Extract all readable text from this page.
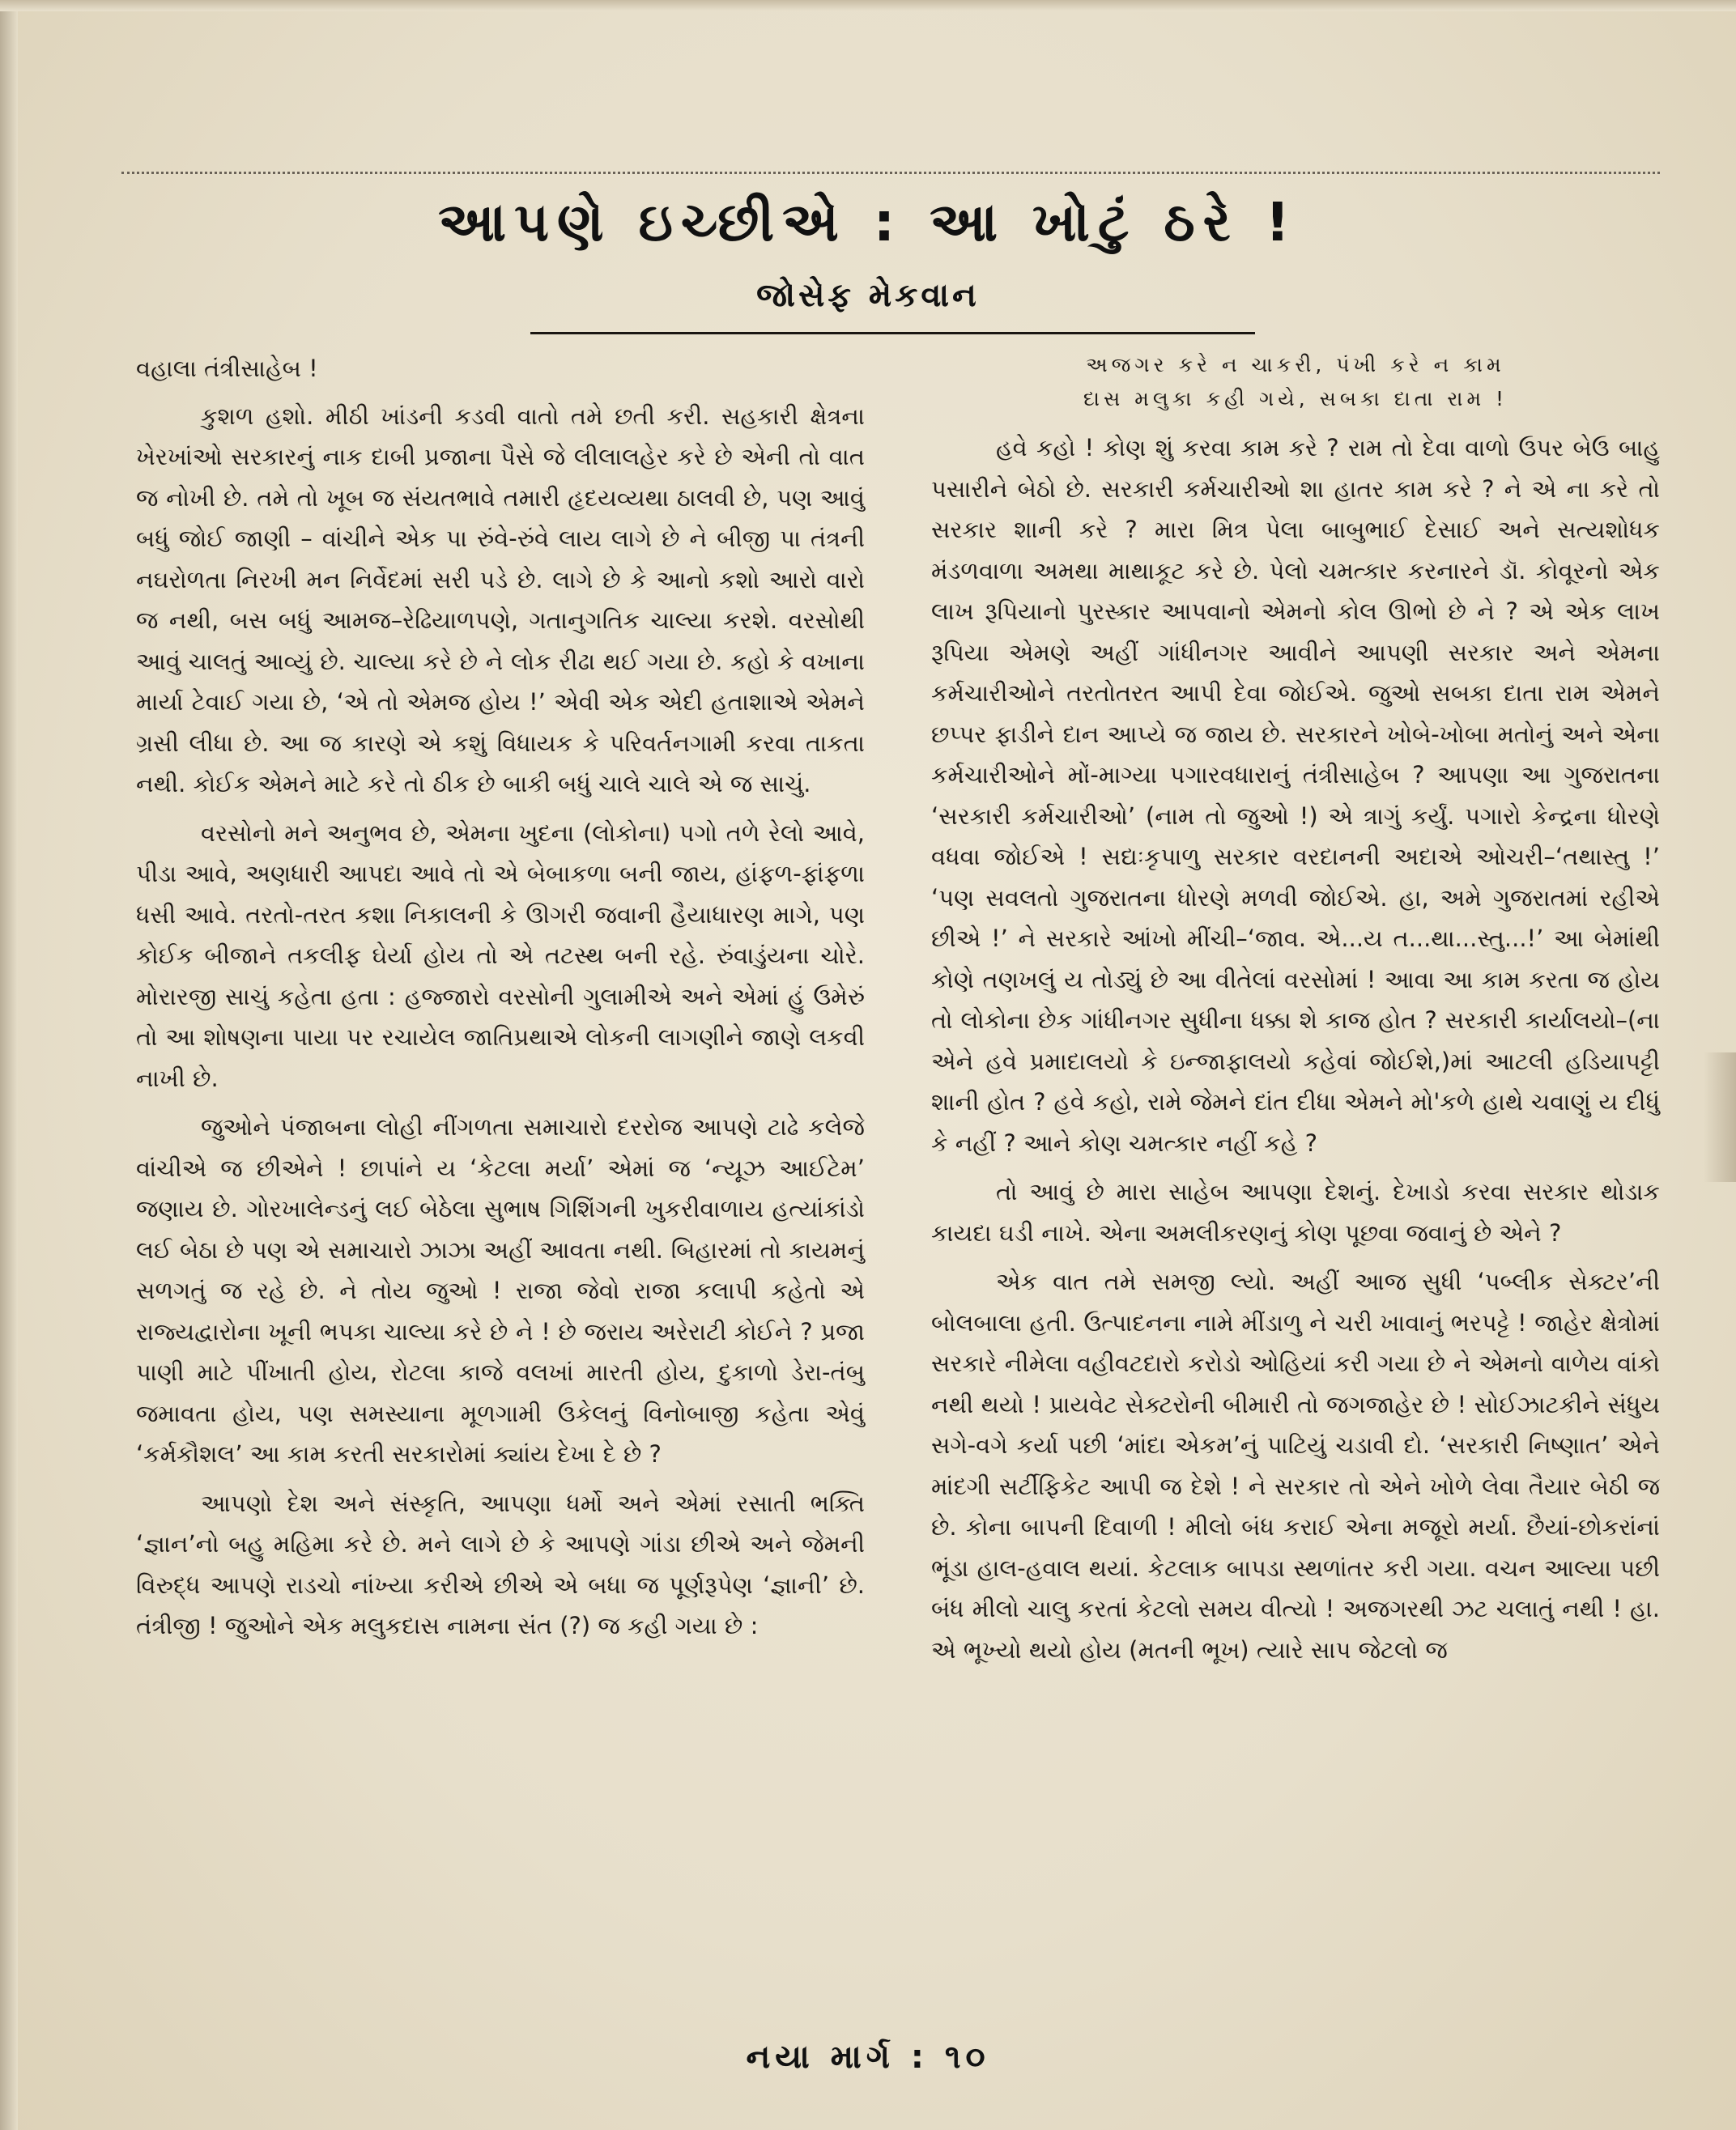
આપણે ઇચ્છીએ : આ ખોટું ઠરે !
જોસેફ મેકવાન

વહાલા તંત્રીસાહેબ !

કુશળ હશો. મીઠી ખાંડની કડવી વાતો તમે છતી કરી. સહકારી ક્ષેત્રના ખેરખાંઓ સરકારનું નાક દાબી પ્રજાના પૈસે જે લીલાલહેર કરે છે એની તો વાત જ નોખી છે. તમે તો ખૂબ જ સંયતભાવે તમારી હૃદયવ્યથા ઠાલવી છે, પણ આવું બધું જોઈ જાણી – વાંચીને એક પા રુંવે-રુંવે લાય લાગે છે ને બીજી પા તંત્રની નઘરોળતા નિરખી મન નિર્વેદમાં સરી પડે છે. લાગે છે કે આનો કશો આરો વારો જ નથી, બસ બધું આમજ–રેઢિયાળપણે, ગતાનુગતિક ચાલ્યા કરશે. વરસોથી આવું ચાલતું આવ્યું છે. ચાલ્યા કરે છે ને લોક રીઢા થઈ ગયા છે. કહો કે વખાના માર્યા ટેવાઈ ગયા છે, ‘એ તો એમજ હોય !’ એવી એક એદી હતાશાએ એમને ગ્રસી લીધા છે. આ જ કારણે એ કશું વિધાયક કે પરિવર્તનગામી કરવા તાકતા નથી. કોઈક એમને માટે કરે તો ઠીક છે બાકી બધું ચાલે ચાલે એ જ સાચું.

વરસોનો મને અનુભવ છે, એમના ખુદના (લોકોના) પગો તળે રેલો આવે, પીડા આવે, અણધારી આપદા આવે તો એ બેબાકળા બની જાય, હાંફળ-ફાંફળા ધસી આવે. તરતો-તરત કશા નિકાલની કે ઊગરી જવાની હૈયાધારણ માગે, પણ કોઈક બીજાને તકલીફ ઘેર્યા હોય તો એ તટસ્થ બની રહે. રુંવાડુંયના ચોરે. મોરારજી સાચું કહેતા હતા : હજ્જારો વરસોની ગુલામીએ અને એમાં હું ઉમેરું તો આ શોષણના પાયા પર રચાયેલ જાતિપ્રથાએ લોકની લાગણીને જાણે લકવી નાખી છે.

જુઓને પંજાબના લોહી નીંગળતા સમાચારો દરરોજ આપણે ટાઢે કલેજે વાંચીએ જ છીએને ! છાપાંને ય ‘કેટલા મર્યા’ એમાં જ ‘ન્યૂઝ આઈટેમ’ જણાય છે. ગોરખાલેન્ડનું લઈ બેઠેલા સુભાષ ગિશિંગની ખુકરીવાળાય હત્યાંકાંડો લઈ બેઠા છે પણ એ સમાચારો ઝાઝા અહીં આવતા નથી. બિહારમાં તો કાયમનું સળગતું જ રહે છે. ને તોય જુઓ ! રાજા જેવો રાજા કલાપી કહેતો એ રાજ્યદ્વારોના ખૂની ભપકા ચાલ્યા કરે છે ને ! છે જરાય અરેરાટી કોઈને ? પ્રજા પાણી માટે પીંખાતી હોય, રોટલા કાજે વલખાં મારતી હોય, દુકાળો ડેરા-તંબુ જમાવતા હોય, પણ સમસ્યાના મૂળગામી ઉકેલનું વિનોબાજી કહેતા એવું ‘કર્મકૌશલ’ આ કામ કરતી સરકારોમાં ક્યાંય દેખા દે છે ?

આપણો દેશ અને સંસ્કૃતિ, આપણા ધર્મો અને એમાં રસાતી ભક્તિ ‘જ્ઞાન’નો બહુ મહિમા કરે છે. મને લાગે છે કે આપણે ગાંડા છીએ અને જેમની વિરુદ્ધ આપણે રાડચો નાંખ્યા કરીએ છીએ એ બધા જ પૂર્ણરૂપેણ ‘જ્ઞાની’ છે. તંત્રીજી ! જુઓને એક મલુકદાસ નામના સંત (?) જ કહી ગયા છે :

અજગર કરે ન ચાકરી, પંખી કરે ન કામ
દાસ મલુકા કહી ગયે, સબકા દાતા રામ !

હવે કહો ! કોણ શું કરવા કામ કરે ? રામ તો દેવા વાળો ઉપર બેઉ બાહુ પસારીને બેઠો છે. સરકારી કર્મચારીઓ શા હાતર કામ કરે ? ને એ ના કરે તો સરકાર શાની કરે ? મારા મિત્ર પેલા બાબુભાઈ દેસાઈ અને સત્યશોધક મંડળવાળા અમથા માથાકૂટ કરે છે. પેલો ચમત્કાર કરનારને ડૉ. કોવૂરનો એક લાખ રૂપિયાનો પુરસ્કાર આપવાનો એમનો કોલ ઊભો છે ને ? એ એક લાખ રૂપિયા એમણે અહીં ગાંધીનગર આવીને આપણી સરકાર અને એમના કર્મચારીઓને તરતોતરત આપી દેવા જોઈએ. જુઓ સબકા દાતા રામ એમને છપ્પર ફાડીને દાન આપ્યે જ જાય છે. સરકારને ખોબે-ખોબા મતોનું અને એના કર્મચારીઓને મોં-માગ્યા પગારવધારાનું તંત્રીસાહેબ ? આપણા આ ગુજરાતના ‘સરકારી કર્મચારીઓ’ (નામ તો જુઓ !) એ ત્રાગું કર્યું. પગારો કેન્દ્રના ધોરણે વધવા જોઈએ ! સદ્યઃકૃપાળુ સરકાર વરદાનની અદાએ ઓચરી–‘તથાસ્તુ !’ ‘પણ સવલતો ગુજરાતના ધોરણે મળવી જોઈએ. હા, અમે ગુજરાતમાં રહીએ છીએ !’ ને સરકારે આંખો મીંચી–‘જાવ. એ...ય ત...થા...સ્તુ...!’ આ બેમાંથી કોણે તણખલું ય તોડ્યું છે આ વીતેલાં વરસોમાં ! આવા આ કામ કરતા જ હોય તો લોકોના છેક ગાંધીનગર સુધીના ધક્કા શે કાજ હોત ? સરકારી કાર્યાલયો–(ના એને હવે પ્રમાદાલયો કે ઇન્જાફાલયો કહેવાં જોઈશે,)માં આટલી હડિયાપટ્ટી શાની હોત ? હવે કહો, રામે જેમને દાંત દીધા એમને મો'કળે હાથે ચવાણું ય દીધું કે નહીં ? આને કોણ ચમત્કાર નહીં કહે ?

તો આવું છે મારા સાહેબ આપણા દેશનું. દેખાડો કરવા સરકાર થોડાક કાયદા ઘડી નાખે. એના અમલીકરણનું કોણ પૂછવા જવાનું છે એને ?

એક વાત તમે સમજી લ્યો. અહીં આજ સુધી ‘પબ્લીક સેક્ટર’ની બોલબાલા હતી. ઉત્પાદનના નામે મીંડાળુ ને ચરી ખાવાનું ભરપટ્ટે ! જાહેર ક્ષેત્રોમાં સરકારે નીમેલા વહીવટદારો કરોડો ઓહિયાં કરી ગયા છે ને એમનો વાળેય વાંકો નથી થયો ! પ્રાયવેટ સેક્ટરોની બીમારી તો જગજાહેર છે ! સોઈઝાટકીને સંધુય સગે-વગે કર્યા પછી ‘માંદા એકમ’નું પાટિયું ચડાવી દો. ‘સરકારી નિષ્ણાત’ એને માંદગી સર્ટીફિકેટ આપી જ દેશે ! ને સરકાર તો એને ખોળે લેવા તૈયાર બેઠી જ છે. કોના બાપની દિવાળી ! મીલો બંધ કરાઈ એના મજૂરો મર્યા. છૈયાં-છોકરાંનાં ભૂંડા હાલ-હવાલ થયાં. કેટલાક બાપડા સ્થળાંતર કરી ગયા. વચન આલ્યા પછી બંધ મીલો ચાલુ કરતાં કેટલો સમય વીત્યો ! અજગરથી ઝટ ચલાતું નથી ! હા. એ ભૂખ્યો થયો હોય (મતની ભૂખ) ત્યારે સાપ જેટલો જ

નયા માર્ગ : ૧૦
